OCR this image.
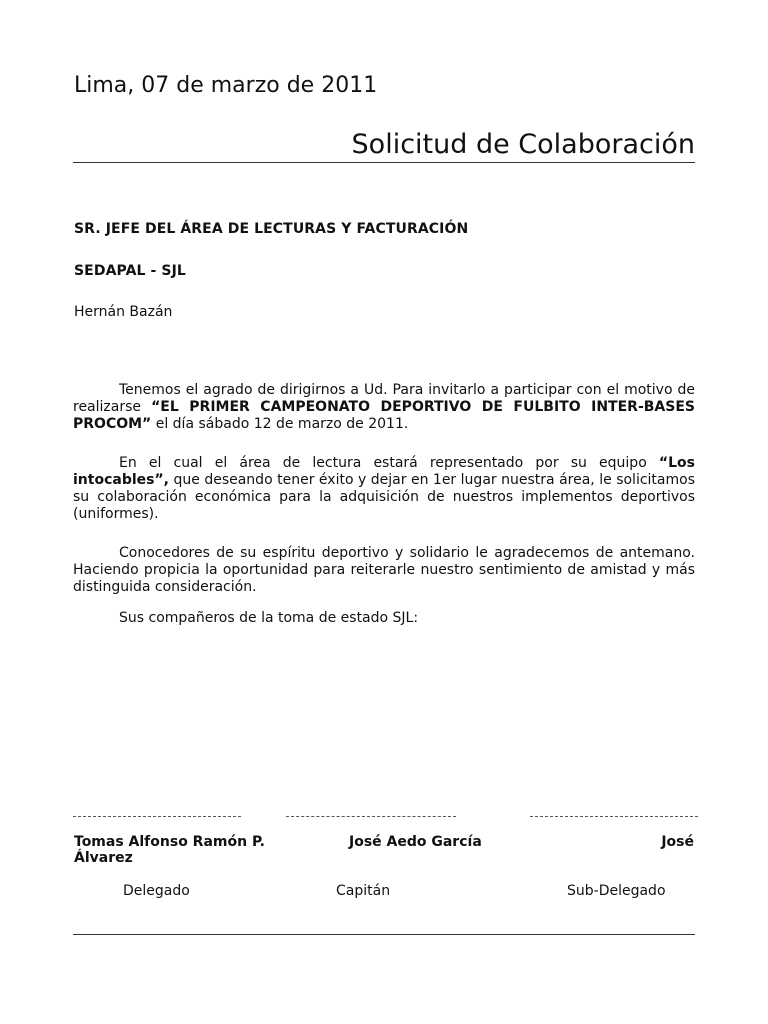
Lima, 07 de marzo de 2011
Solicitud de Colaboración
SR. JEFE DEL ÁREA DE LECTURAS Y FACTURACIÓN
SEDAPAL - SJL
Hernán Bazán

Tenemos el agrado de dirigirnos a Ud. Para invitarlo a participar con el motivo de realizarse “EL PRIMER CAMPEONATO DEPORTIVO DE FULBITO INTER-BASES PROCOM” el día sábado 12 de marzo de 2011.

En el cual el área de lectura estará representado por su equipo “Los intocables”, que deseando tener éxito y dejar en 1er lugar nuestra área, le solicitamos su colaboración económica para la adquisición de nuestros implementos deportivos (uniformes).

Conocedores de su espíritu deportivo y solidario le agradecemos de antemano. Haciendo propicia la oportunidad para reiterarle nuestro sentimiento de amistad y más distinguida consideración.

Sus compañeros de la toma de estado SJL:

Tomas Alfonso Ramón P. Álvarez
José Aedo García	José
Delegado	Capitán	Sub-Delegado
